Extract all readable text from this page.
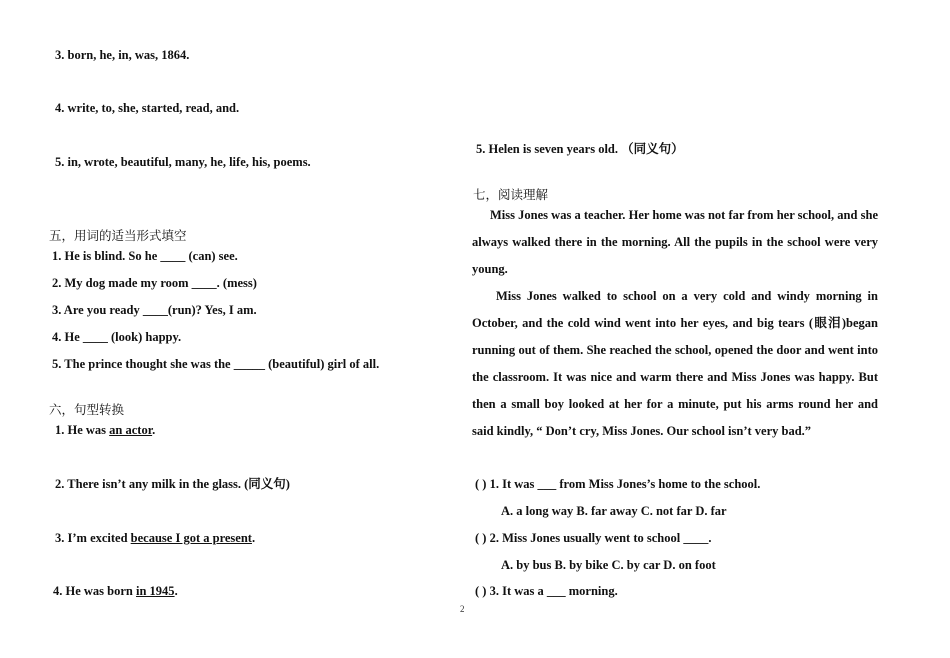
3. born, he, in, was, 1864.
4. write, to, she, started, read, and.
5. in, wrote, beautiful, many, he, life, his, poems.
五，用词的适当形式填空
1. He is blind. So he ____ (can) see.
2. My dog made my room ____. (mess)
3. Are you ready ____(run)? Yes, I am.
4. He ____ (look) happy.
5. The prince thought she was the _____ (beautiful) girl of all.
六，句型转换
1. He was an actor.
2. There isn’t any milk in the glass. (同义句)
3. I’m excited because I got a present.
4. He was born in 1945.
5. Helen is seven years old. （同义句）
七，阅读理解

Miss Jones was a teacher. Her home was not far from her school, and she always walked there in the morning. All the pupils in the school were very young.

Miss Jones walked to school on a very cold and windy morning in October, and the cold wind went into her eyes, and big tears (眼泪)began running out of them. She reached the school, opened the door and went into the classroom. It was nice and warm there and Miss Jones was happy. But then a small boy looked at her for a minute, put his arms round her and said kindly, “ Don’t cry, Miss Jones. Our school isn’t very bad.”

( ) 1. It was ___ from Miss Jones’s home to the school.
A. a long way B. far away C. not far D. far
( ) 2. Miss Jones usually went to school ____.
A. by bus B. by bike C. by car D. on foot
( ) 3. It was a ___ morning.
2
